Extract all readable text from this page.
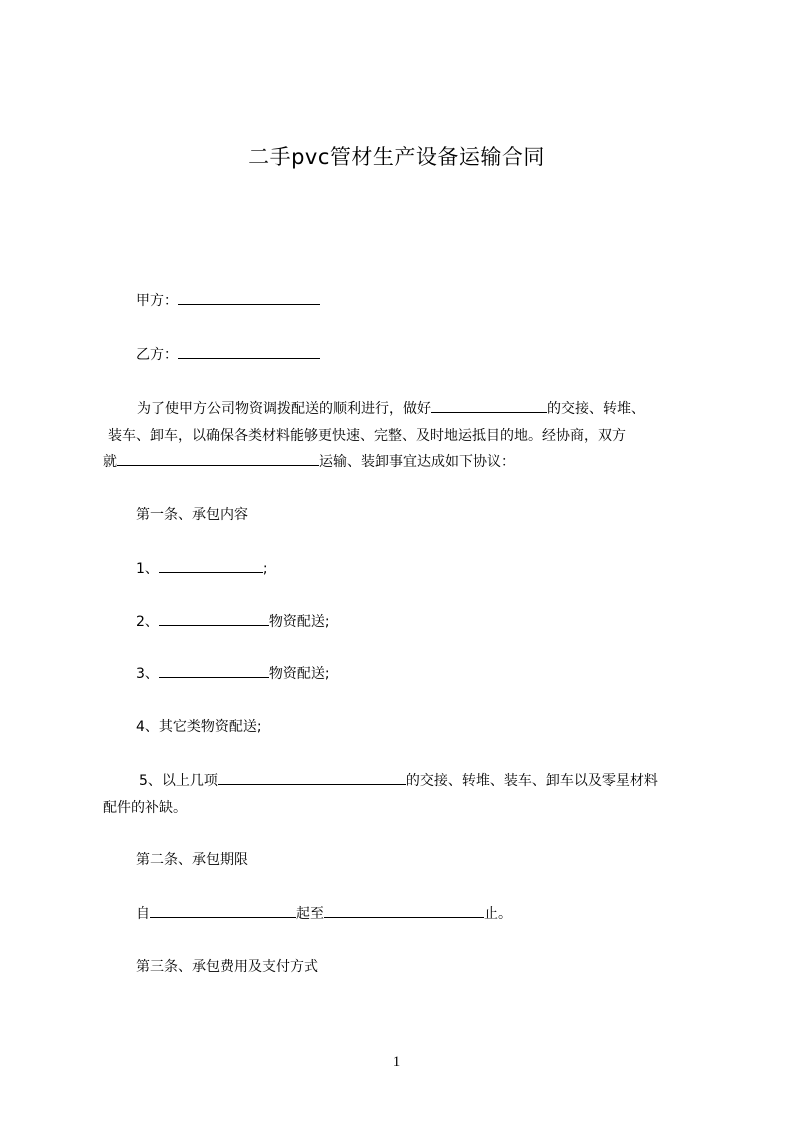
二手pvc管材生产设备运输合同
甲方：
乙方：
为了使甲方公司物资调拨配送的顺利进行，做好	的交接、转堆、
装车、卸车，以确保各类材料能够更快速、完整、及时地运抵目的地。经协商，双方
就	运输、装卸事宜达成如下协议：
第一条、承包内容
1、	;
2、	物资配送;
3、	物资配送;
4、其它类物资配送;
5、以上几项	的交接、转堆、装车、卸车以及零星材料
配件的补缺。
第二条、承包期限
自	起至	止。
第三条、承包费用及支付方式
1
